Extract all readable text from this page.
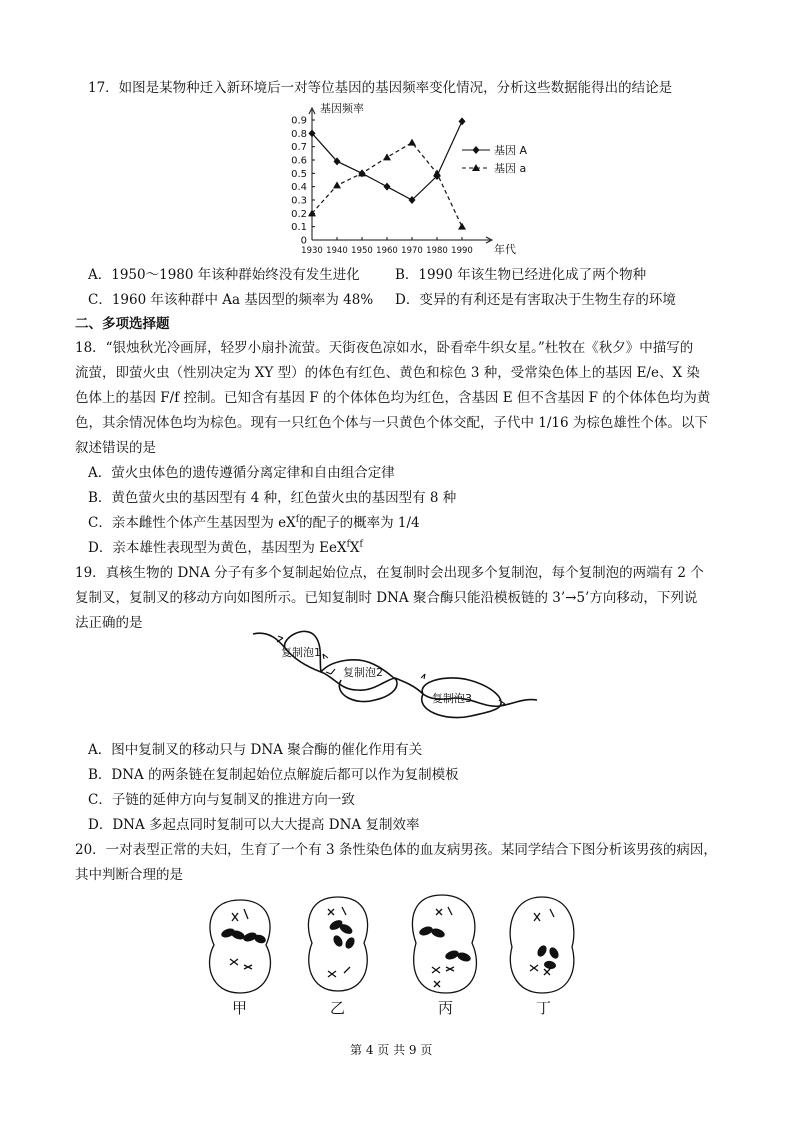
17．如图是某物种迁入新环境后一对等位基因的基因频率变化情况，分析这些数据能得出的结论是
0
0.1
0.2
0.3
0.4
0.5
0.6
0.7
0.8
0.9
1930 1940 1950 1960 1970 1980 1990
基因频率
年代
基因 A
基因 a
A．1950～1980 年该种群始终没有发生进化	B．1990 年该生物已经进化成了两个物种
C．1960 年该种群中 Aa 基因型的频率为 48% D．变异的有利还是有害取决于生物生存的环境
二、多项选择题
18．“银烛秋光冷画屏，轻罗小扇扑流萤。天街夜色凉如水，卧看牵牛织女星。”杜牧在《秋夕》中描写的
流萤，即萤火虫（性别决定为 XY 型）的体色有红色、黄色和棕色 3 种，受常染色体上的基因 E/e、X 染
色体上的基因 F/f 控制。已知含有基因 F 的个体体色均为红色，含基因 E 但不含基因 F 的个体体色均为黄
色，其余情况体色均为棕色。现有一只红色个体与一只黄色个体交配，子代中 1/16 为棕色雄性个体。以下
叙述错误的是
A．萤火虫体色的遗传遵循分离定律和自由组合定律
B．黄色萤火虫的基因型有 4 种，红色萤火虫的基因型有 8 种
C．亲本雌性个体产生基因型为 $eX^f$的配子的概率为 1/4
D．亲本雄性表现型为黄色，基因型为 $EeX^fX^f$
19．真核生物的 DNA 分子有多个复制起始位点，在复制时会出现多个复制泡，每个复制泡的两端有 2 个
复制叉，复制叉的移动方向如图所示。已知复制时 DNA 聚合酶只能沿模板链的 3’→5’方向移动，下列说
法正确的是
复制泡1
复制泡2
复制泡3
A．图中复制叉的移动只与 DNA 聚合酶的催化作用有关
B．DNA 的两条链在复制起始位点解旋后都可以作为复制模板
C．子链的延伸方向与复制叉的推进方向一致
D．DNA 多起点同时复制可以大大提高 DNA 复制效率
20．一对表型正常的夫妇，生育了一个有 3 条性染色体的血友病男孩。某同学结合下图分析该男孩的病因，
其中判断合理的是
甲	乙	丙	丁
第 4 页 共 9 页
